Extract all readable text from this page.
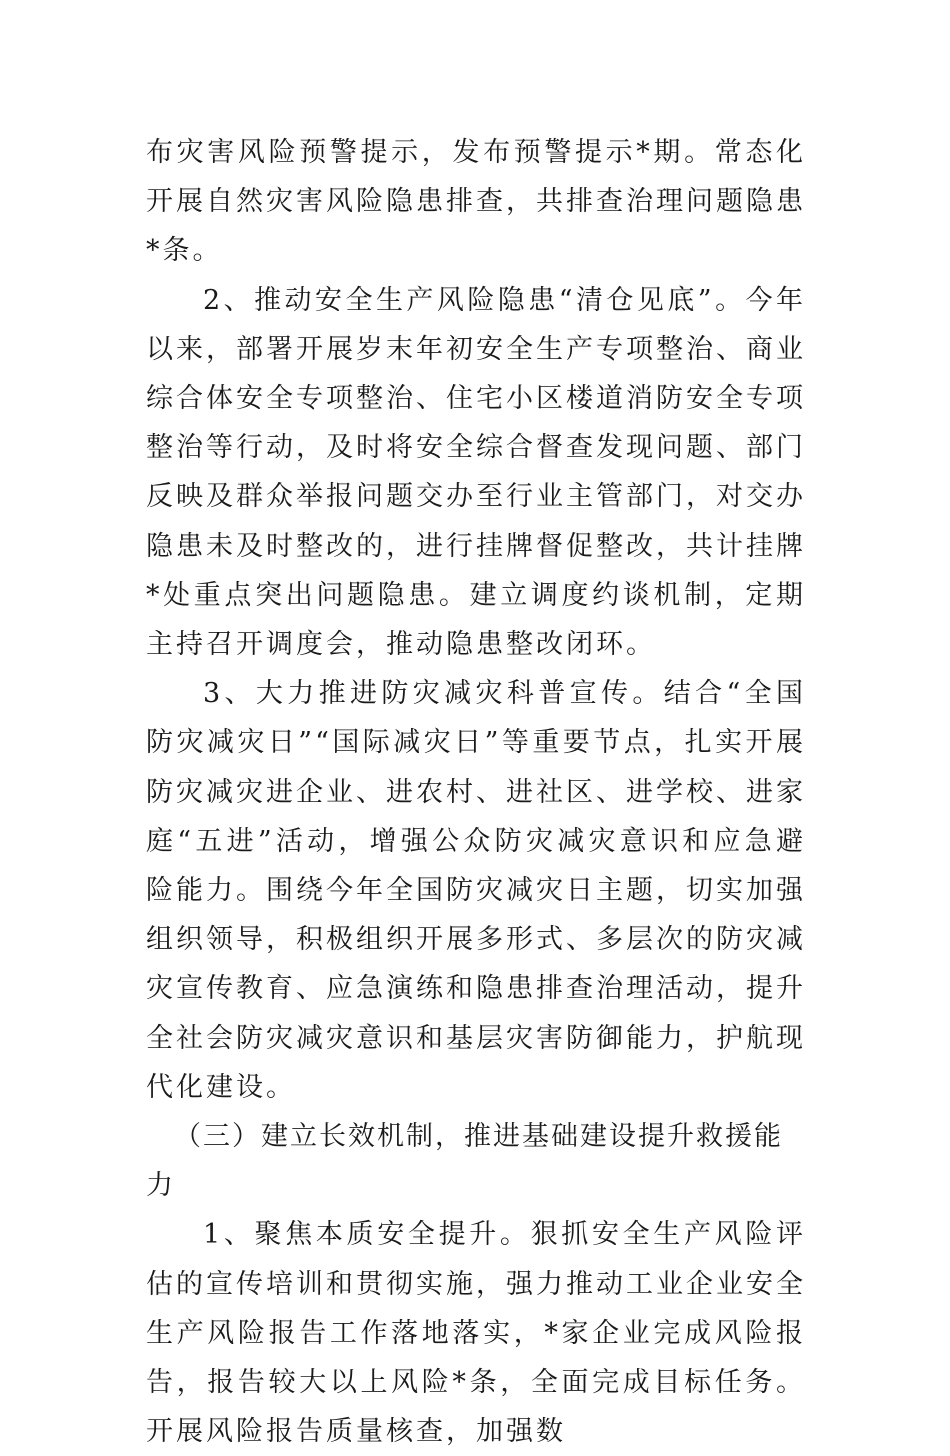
布灾害风险预警提示，发布预警提示*期。常态化开展自然灾害风险隐患排查，共排查治理问题隐患*条。

2、推动安全生产风险隐患“清仓见底”。今年以来，部署开展岁末年初安全生产专项整治、商业综合体安全专项整治、住宅小区楼道消防安全专项整治等行动，及时将安全综合督查发现问题、部门反映及群众举报问题交办至行业主管部门，对交办隐患未及时整改的，进行挂牌督促整改，共计挂牌*处重点突出问题隐患。建立调度约谈机制，定期主持召开调度会，推动隐患整改闭环。

3、大力推进防灾减灾科普宣传。结合“全国防灾减灾日”“国际减灾日”等重要节点，扎实开展防灾减灾进企业、进农村、进社区、进学校、进家庭“五进”活动，增强公众防灾减灾意识和应急避险能力。围绕今年全国防灾减灾日主题，切实加强组织领导，积极组织开展多形式、多层次的防灾减灾宣传教育、应急演练和隐患排查治理活动，提升全社会防灾减灾意识和基层灾害防御能力，护航现代化建设。

（三）建立长效机制，推进基础建设提升救援能力

1、聚焦本质安全提升。狠抓安全生产风险评估的宣传培训和贯彻实施，强力推动工业企业安全生产风险报告工作落地落实，*家企业完成风险报告，报告较大以上风险*条，全面完成目标任务。开展风险报告质量核查，加强数
